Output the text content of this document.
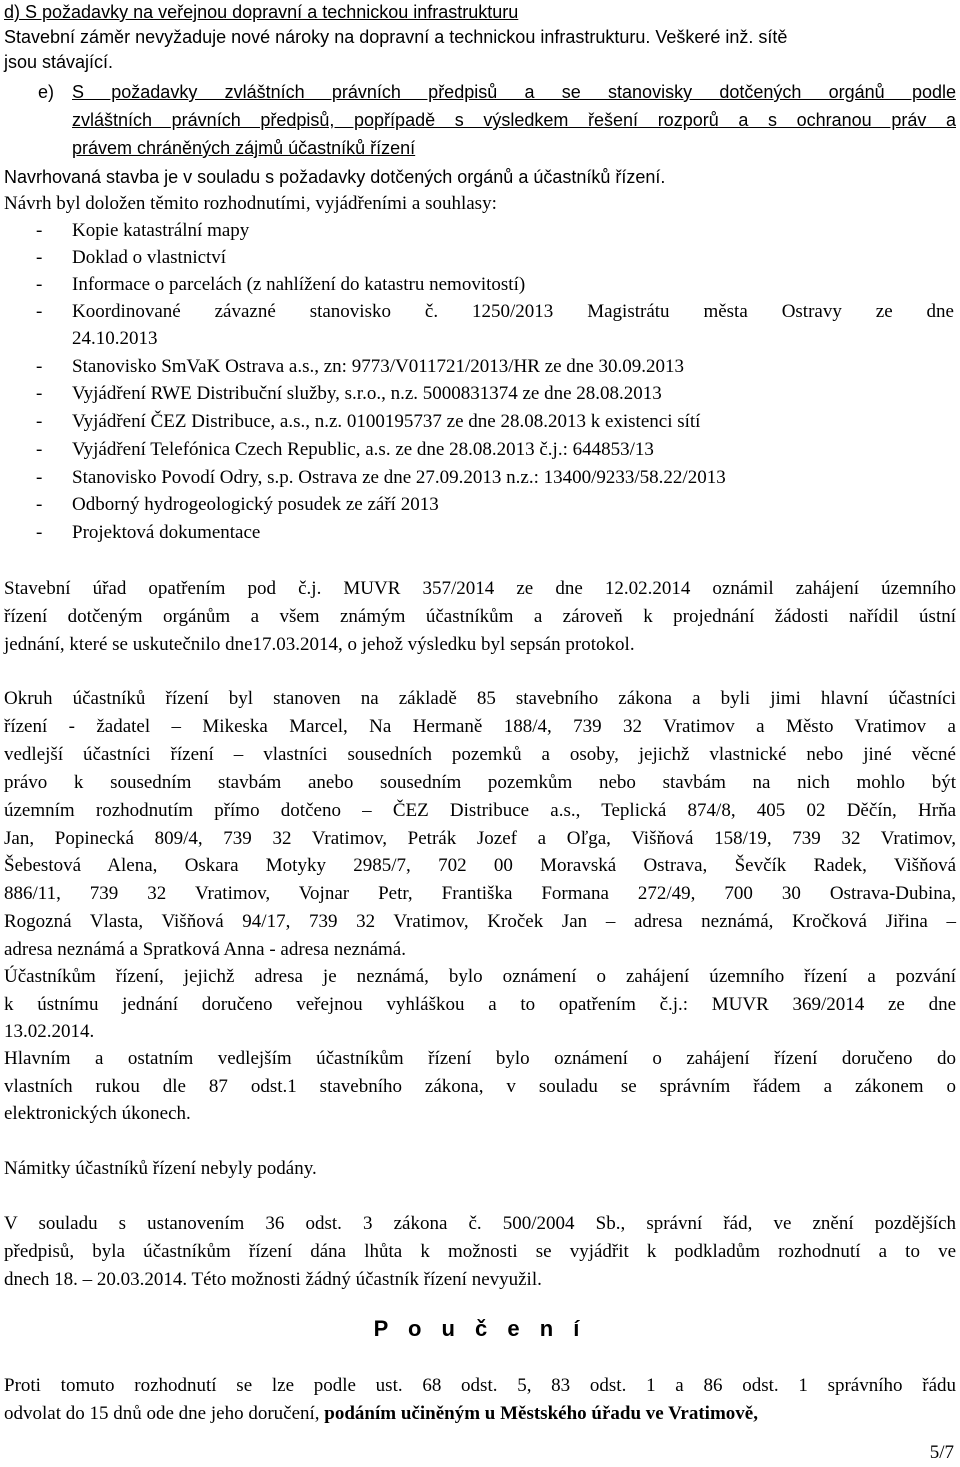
d) S požadavky na veřejnou dopravní a technickou infrastrukturu
Stavební záměr nevyžaduje nové nároky na dopravní a technickou infrastrukturu. Veškeré inž. sítě
jsou stávající.
e) S požadavky zvláštních právních předpisů a se stanovisky dotčených orgánů podle
zvláštních právních předpisů, popřípadě s výsledkem řešení rozporů a s ochranou práv a
právem chráněných zájmů účastníků řízení
Navrhovaná stavba je v souladu s požadavky dotčených orgánů a účastníků řízení.
Návrh byl doložen těmito rozhodnutími, vyjádřeními a souhlasy:
- Kopie katastrální mapy
- Doklad o vlastnictví
- Informace o parcelách (z nahlížení do katastru nemovitostí)
- Koordinované závazné stanovisko č. 1250/2013 Magistrátu města Ostravy ze dne
24.10.2013
- Stanovisko SmVaK Ostrava a.s., zn: 9773/V011721/2013/HR ze dne 30.09.2013
- Vyjádření RWE Distribuční služby, s.r.o., n.z. 5000831374 ze dne 28.08.2013
- Vyjádření ČEZ Distribuce, a.s., n.z. 0100195737 ze dne 28.08.2013 k existenci sítí
- Vyjádření Telefónica Czech Republic, a.s. ze dne 28.08.2013 č.j.: 644853/13
- Stanovisko Povodí Odry, s.p. Ostrava ze dne 27.09.2013 n.z.: 13400/9233/58.22/2013
- Odborný hydrogeologický posudek ze září 2013
- Projektová dokumentace
Stavební úřad opatřením pod č.j. MUVR 357/2014 ze dne 12.02.2014 oznámil zahájení územního
řízení dotčeným orgánům a všem známým účastníkům a zároveň k projednání žádosti nařídil ústní
jednání, které se uskutečnilo dne17.03.2014, o jehož výsledku byl sepsán protokol.
Okruh účastníků řízení byl stanoven na základě 85 stavebního zákona a byli jimi hlavní účastníci
řízení - žadatel – Mikeska Marcel, Na Hermaně 188/4, 739 32 Vratimov a Město Vratimov a
vedlejší účastníci řízení – vlastníci sousedních pozemků a osoby, jejichž vlastnické nebo jiné věcné
právo k sousedním stavbám anebo sousedním pozemkům nebo stavbám na nich mohlo být
územním rozhodnutím přímo dotčeno – ČEZ Distribuce a.s., Teplická 874/8, 405 02 Děčín, Hrňa
Jan, Popinecká 809/4, 739 32 Vratimov, Petrák Jozef a Oľga, Višňová 158/19, 739 32 Vratimov,
Šebestová Alena, Oskara Motyky 2985/7, 702 00 Moravská Ostrava, Ševčík Radek, Višňová
886/11, 739 32 Vratimov, Vojnar Petr, Františka Formana 272/49, 700 30 Ostrava-Dubina,
Rogozná Vlasta, Višňová 94/17, 739 32 Vratimov, Kroček Jan – adresa neznámá, Kročková Jiřina –
adresa neznámá a Spratková Anna - adresa neznámá.
Účastníkům řízení, jejichž adresa je neznámá, bylo oznámení o zahájení územního řízení a pozvání
k ústnímu jednání doručeno veřejnou vyhláškou a to opatřením č.j.: MUVR 369/2014 ze dne
13.02.2014.
Hlavním a ostatním vedlejším účastníkům řízení bylo oznámení o zahájení řízení doručeno do
vlastních rukou dle 87 odst.1 stavebního zákona, v souladu se správním řádem a zákonem o
elektronických úkonech.
Námitky účastníků řízení nebyly podány.
V souladu s ustanovením 36 odst. 3 zákona č. 500/2004 Sb., správní řád, ve znění pozdějších
předpisů, byla účastníkům řízení dána lhůta k možnosti se vyjádřit k podkladům rozhodnutí a to ve
dnech 18. – 20.03.2014. Této možnosti žádný účastník řízení nevyužil.
P o u č e n í
Proti tomuto rozhodnutí se lze podle ust. 68 odst. 5, 83 odst. 1 a 86 odst. 1 správního řádu
odvolat do 15 dnů ode dne jeho doručení, podáním učiněným u Městského úřadu ve Vratimově,
5/7
